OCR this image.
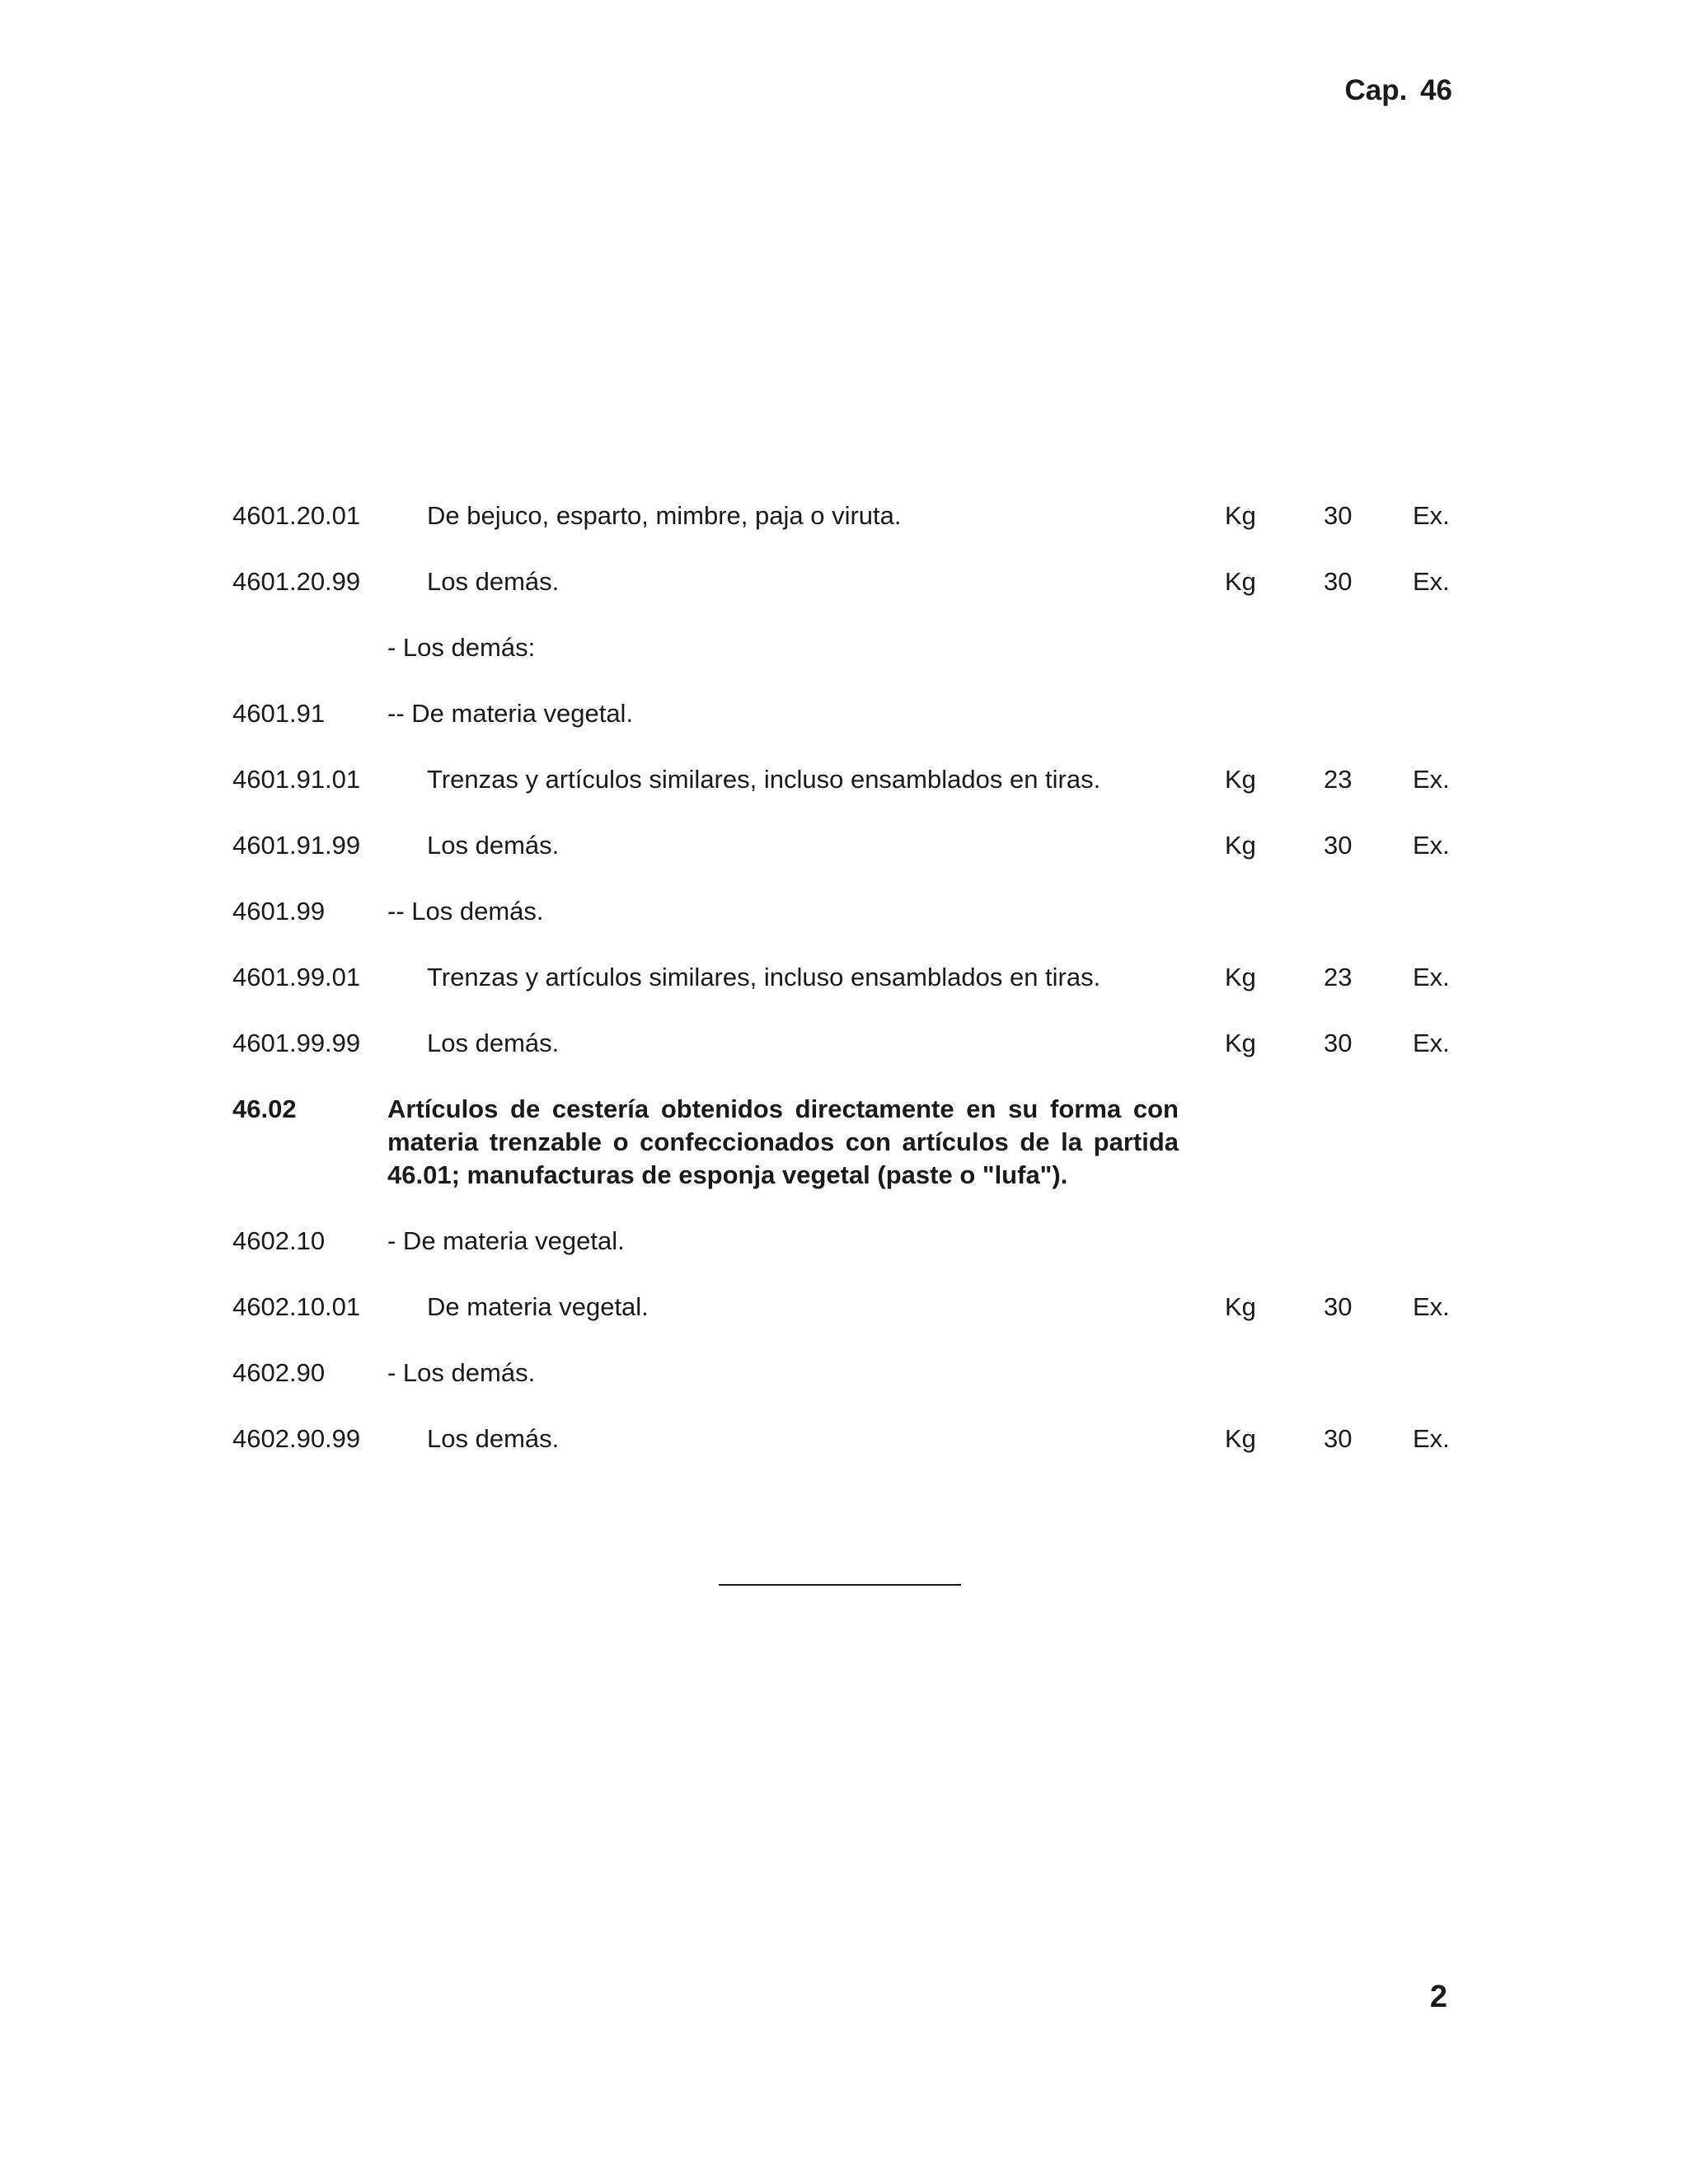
Cap. 46
4601.20.01	De bejuco, esparto, mimbre, paja o viruta.	Kg	30 Ex.
4601.20.99	Los demás.	Kg	30 Ex.
- Los demás:
4601.91 -- De materia vegetal.
4601.91.01	Trenzas y artículos similares, incluso ensamblados en tiras.	Kg	23 Ex.
4601.91.99	Los demás.	Kg	30 Ex.
4601.99 -- Los demás.
4601.99.01	Trenzas y artículos similares, incluso ensamblados en tiras.	Kg	23 Ex.
4601.99.99	Los demás.	Kg	30 Ex.
46.02	Artículos de cestería obtenidos directamente en su forma con materia trenzable o confeccionados con artículos de la partida 46.01; manufacturas de esponja vegetal (paste o "lufa").
4602.10 - De materia vegetal.
4602.10.01	De materia vegetal.	Kg	30 Ex.
4602.90 - Los demás.
4602.90.99	Los demás.	Kg	30 Ex.
2
